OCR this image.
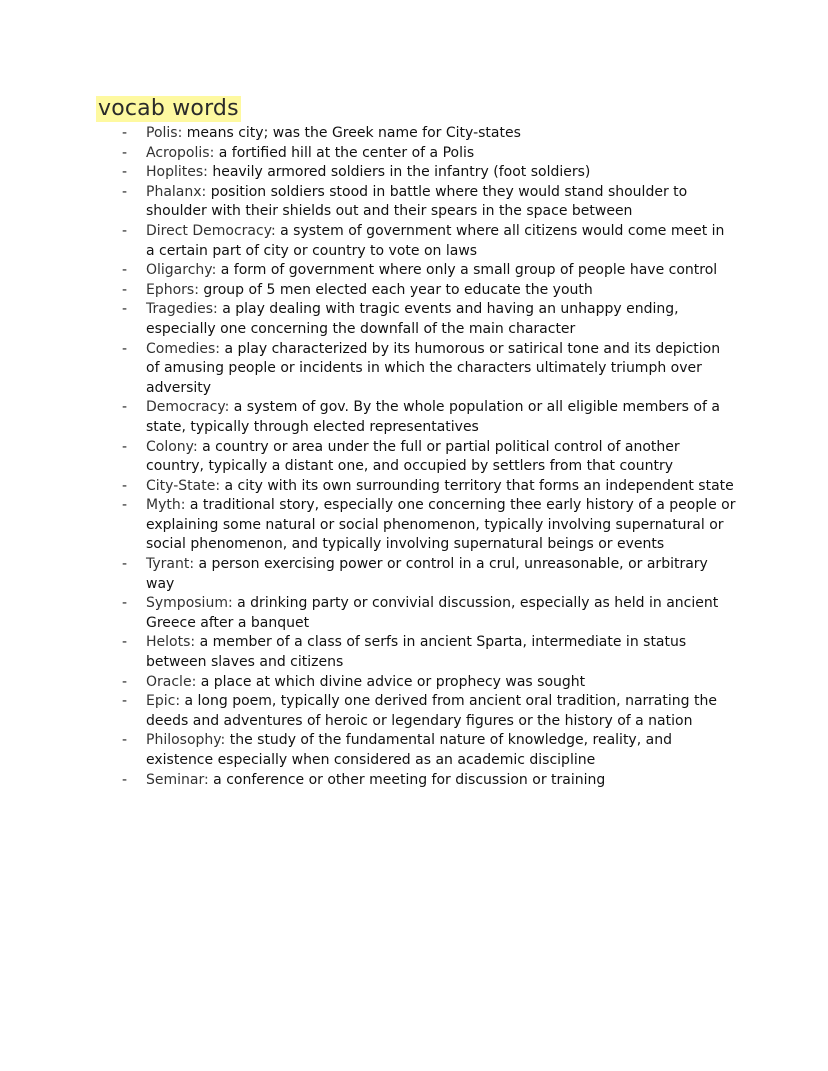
vocab words
- Polis: means city; was the Greek name for City-states
- Acropolis: a fortified hill at the center of a Polis
- Hoplites: heavily armored soldiers in the infantry (foot soldiers)
- Phalanx: position soldiers stood in battle where they would stand shoulder to shoulder with their shields out and their spears in the space between
- Direct Democracy: a system of government where all citizens would come meet in a certain part of city or country to vote on laws
- Oligarchy: a form of government where only a small group of people have control
- Ephors: group of 5 men elected each year to educate the youth
- Tragedies: a play dealing with tragic events and having an unhappy ending, especially one concerning the downfall of the main character
- Comedies: a play characterized by its humorous or satirical tone and its depiction of amusing people or incidents in which the characters ultimately triumph over adversity
- Democracy: a system of gov. By the whole population or all eligible members of a state, typically through elected representatives
- Colony: a country or area under the full or partial political control of another country, typically a distant one, and occupied by settlers from that country
- City-State: a city with its own surrounding territory that forms an independent state
- Myth: a traditional story, especially one concerning thee early history of a people or explaining some natural or social phenomenon, typically involving supernatural or social phenomenon, and typically involving supernatural beings or events
- Tyrant: a person exercising power or control in a crul, unreasonable, or arbitrary way
- Symposium: a drinking party or convivial discussion, especially as held in ancient Greece after a banquet
- Helots: a member of a class of serfs in ancient Sparta, intermediate in status between slaves and citizens
- Oracle: a place at which divine advice or prophecy was sought
- Epic: a long poem, typically one derived from ancient oral tradition, narrating the deeds and adventures of heroic or legendary figures or the history of a nation
- Philosophy: the study of the fundamental nature of knowledge, reality, and existence especially when considered as an academic discipline
- Seminar: a conference or other meeting for discussion or training
